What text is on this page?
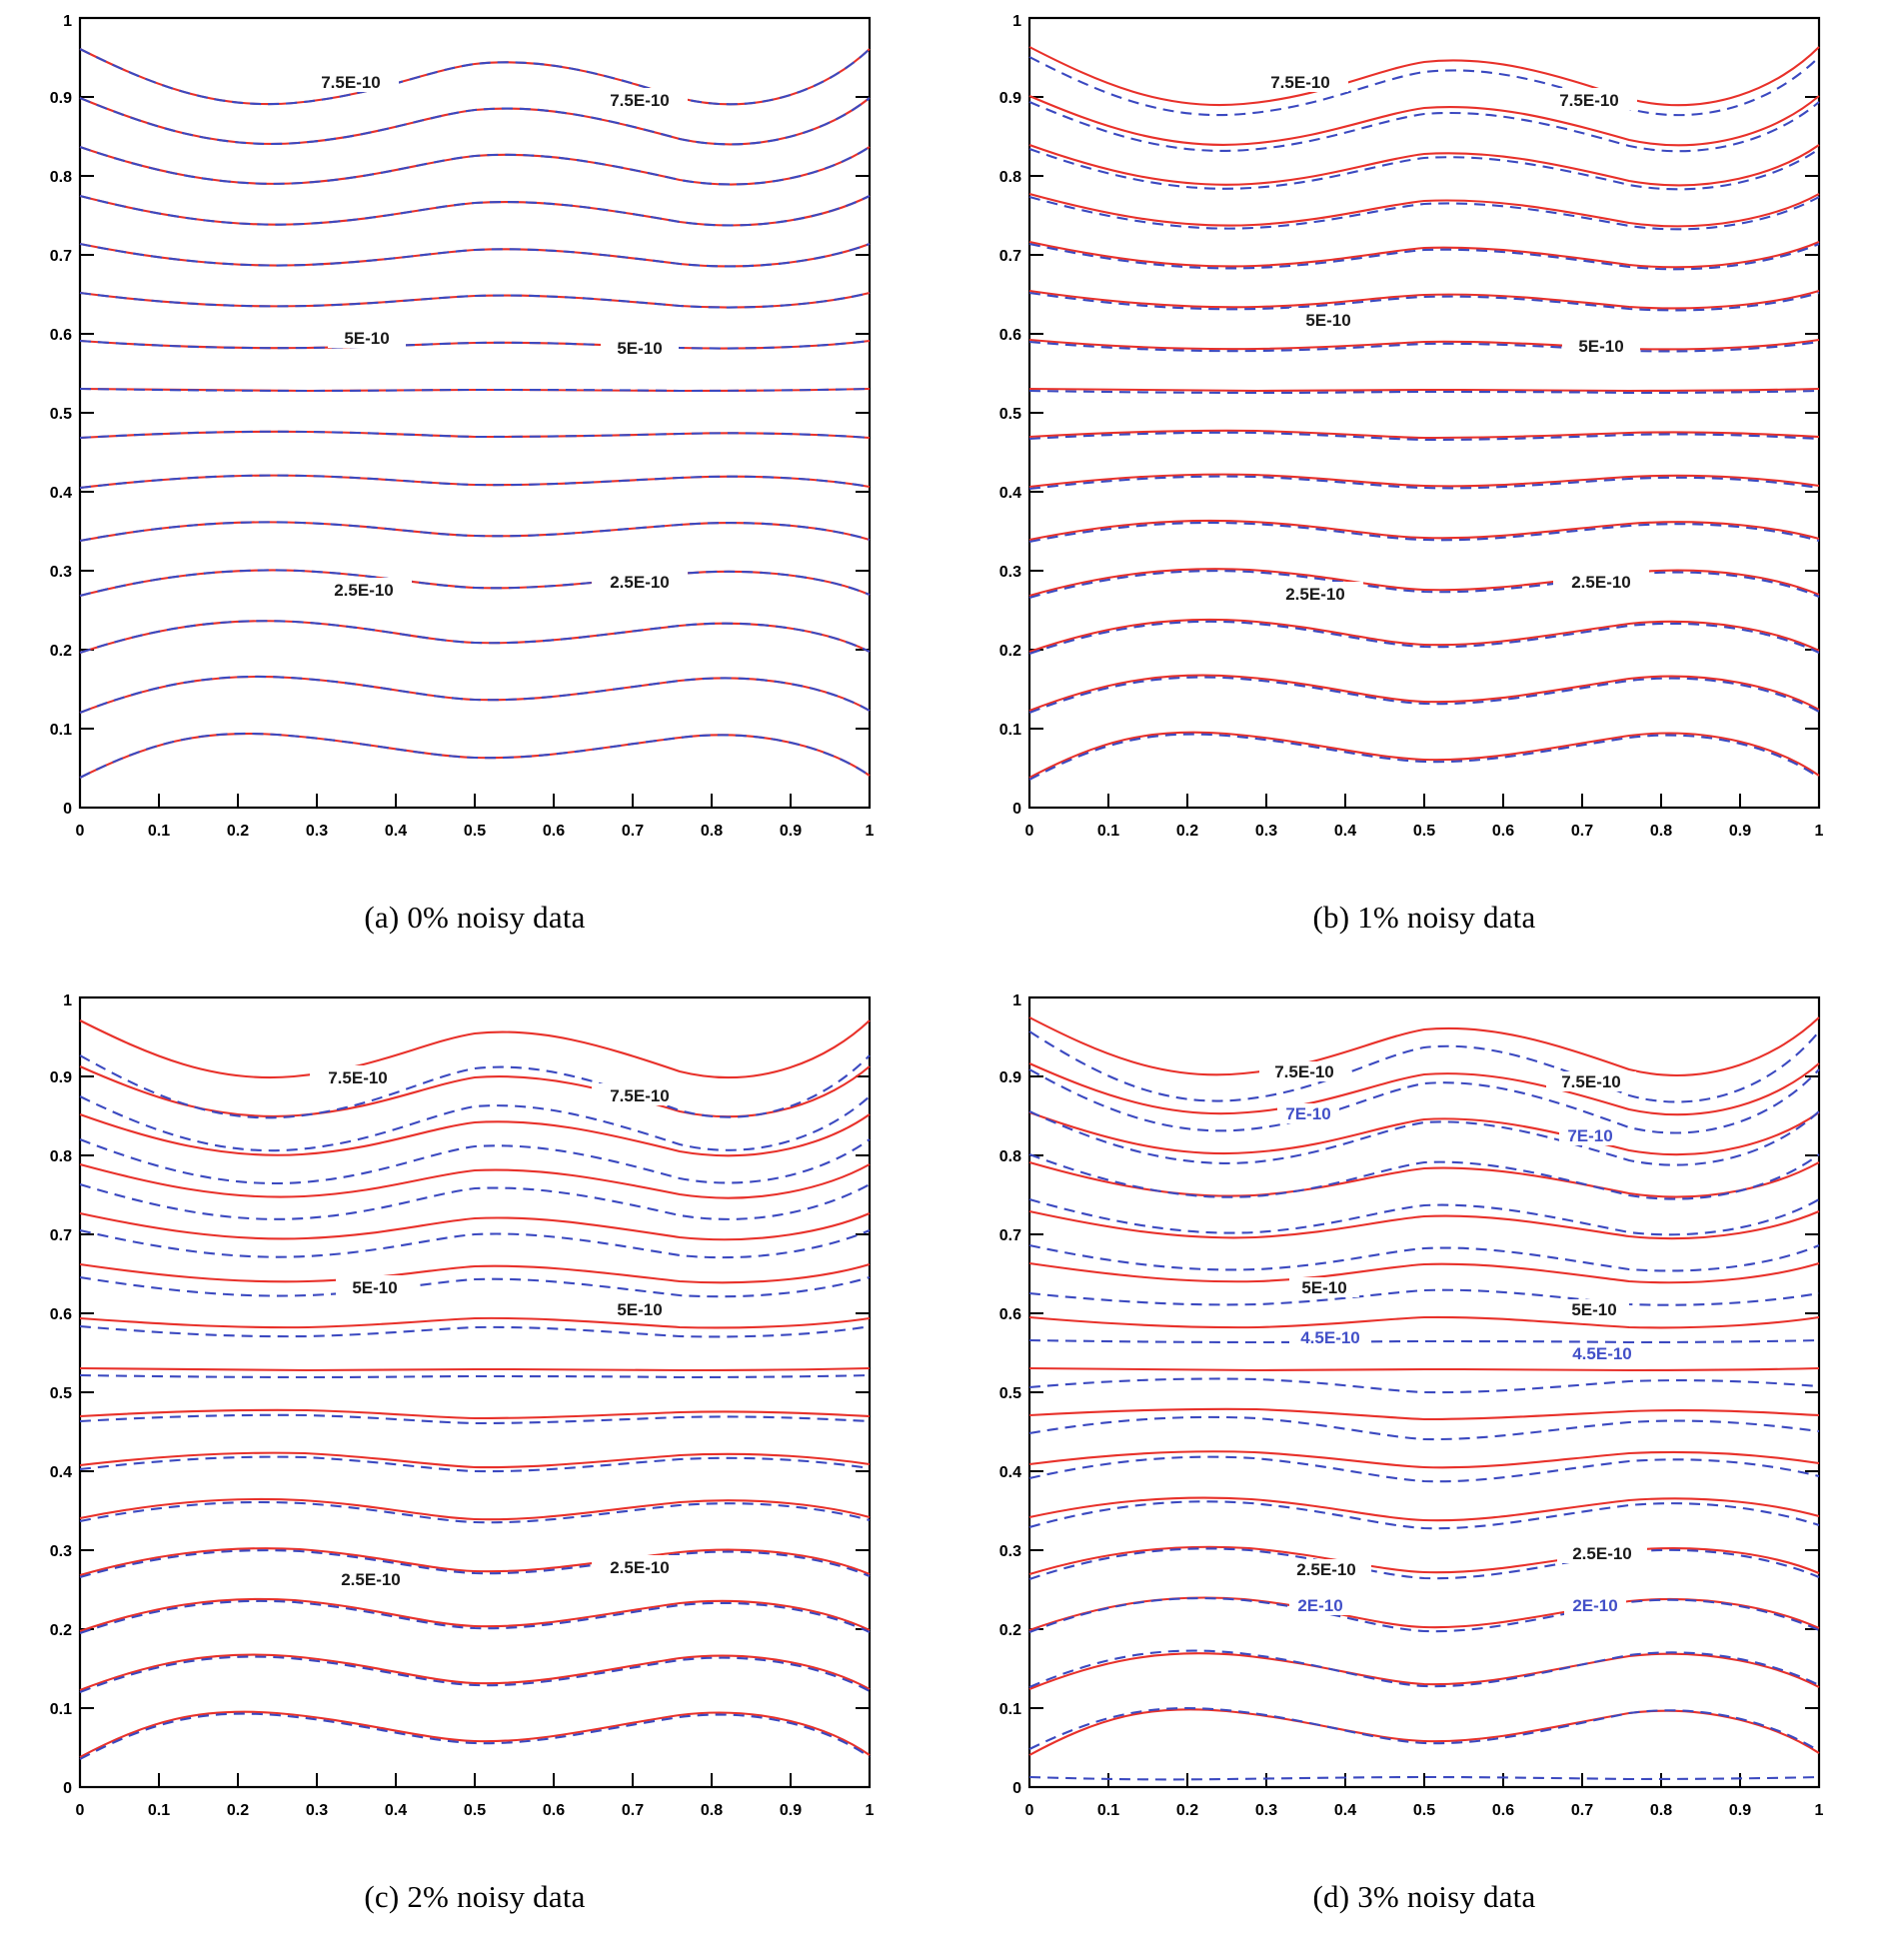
0
0.1
0.2
0.3
0.4
0.5
0.6
0.7
0.8
0.9
1
0	0.1	0.2	0.3	0.4	0.5	0.6	0.7	0.8	0.9	1
7.5E-10
7.5E-10
5E-10
5E-10
2.5E-10	2.5E-10
(a) 0% noisy data
0
0.1
0.2
0.3
0.4
0.5
0.6
0.7
0.8
0.9
1
0	0.1	0.2	0.3	0.4	0.5	0.6	0.7	0.8	0.9	1
7.5E-10
7.5E-10
5E-10
5E-10
2.5E-10
2.5E-10
(b) 1% noisy data
0
0.1
0.2
0.3
0.4
0.5
0.6
0.7
0.8
0.9
1
0	0.1	0.2	0.3	0.4	0.5	0.6	0.7	0.8	0.9	1
7.5E-10
7.5E-10
5E-10
5E-10
2.5E-10
2.5E-10
(c) 2% noisy data
0
0.1
0.2
0.3
0.4
0.5
0.6
0.7
0.8
0.9
1
0	0.1	0.2	0.3	0.4	0.5	0.6	0.7	0.8	0.9	1
7.5E-10
7.5E-10
7E-10
7E-10
5E-10
5E-10
4.5E-10
4.5E-10
2.5E-10
2.5E-10
2E-10	2E-10
(d) 3% noisy data
